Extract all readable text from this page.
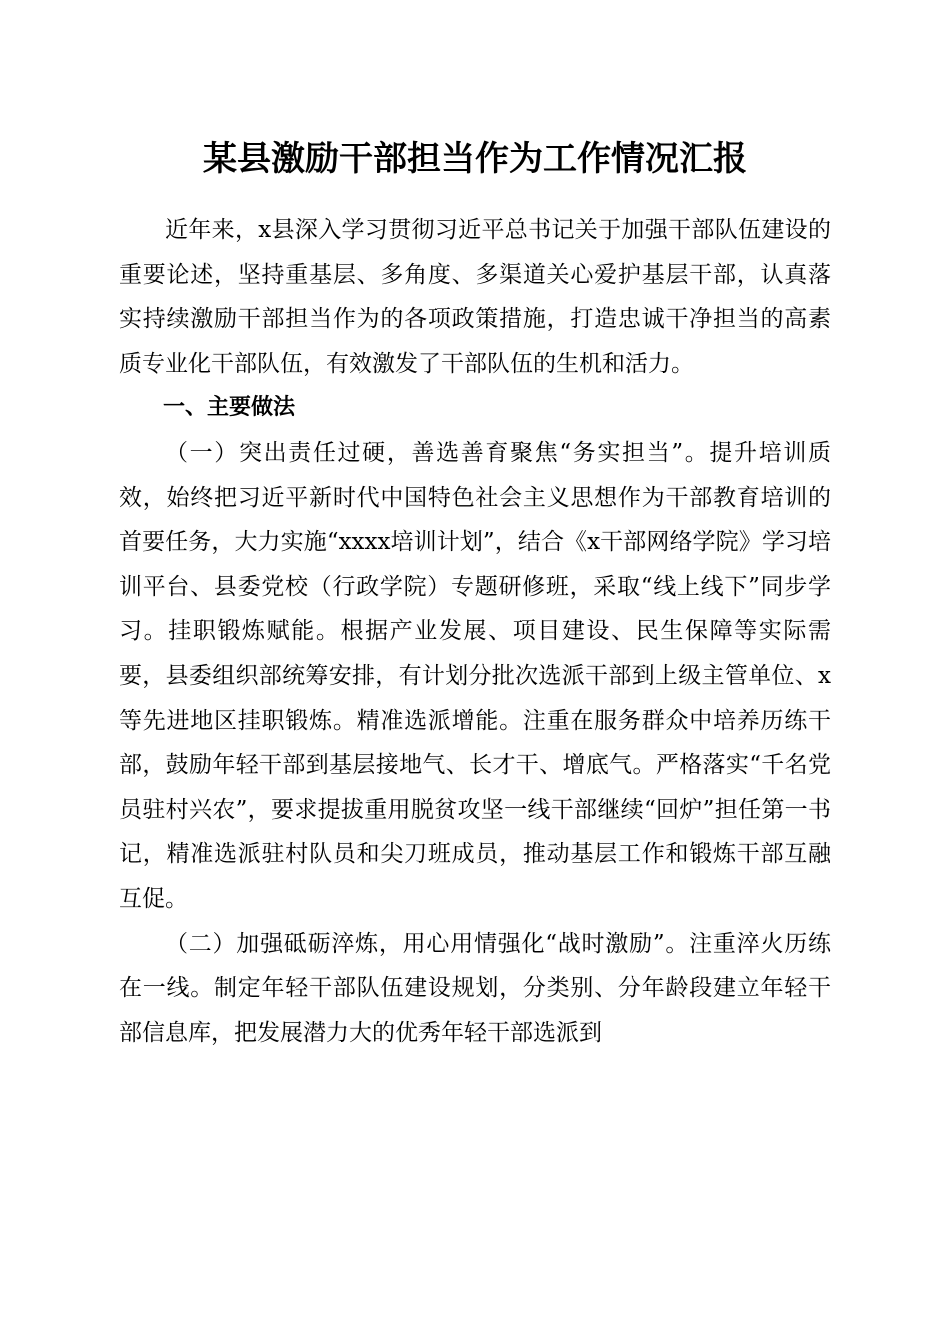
某县激励干部担当作为工作情况汇报

近年来，x县深入学习贯彻习近平总书记关于加强干部队伍建设的重要论述，坚持重基层、多角度、多渠道关心爱护基层干部，认真落实持续激励干部担当作为的各项政策措施，打造忠诚干净担当的高素质专业化干部队伍，有效激发了干部队伍的生机和活力。

一、主要做法

（一）突出责任过硬，善选善育聚焦“务实担当”。提升培训质效，始终把习近平新时代中国特色社会主义思想作为干部教育培训的首要任务，大力实施“xxxx培训计划”，结合《x干部网络学院》学习培训平台、县委党校（行政学院）专题研修班，采取“线上线下”同步学习。挂职锻炼赋能。根据产业发展、项目建设、民生保障等实际需要，县委组织部统筹安排，有计划分批次选派干部到上级主管单位、x等先进地区挂职锻炼。精准选派增能。注重在服务群众中培养历练干部，鼓励年轻干部到基层接地气、长才干、增底气。严格落实“千名党员驻村兴农”，要求提拔重用脱贫攻坚一线干部继续“回炉”担任第一书记，精准选派驻村队员和尖刀班成员，推动基层工作和锻炼干部互融互促。

（二）加强砥砺淬炼，用心用情强化“战时激励”。注重淬火历练在一线。制定年轻干部队伍建设规划，分类别、分年龄段建立年轻干部信息库，把发展潜力大的优秀年轻干部选派到
